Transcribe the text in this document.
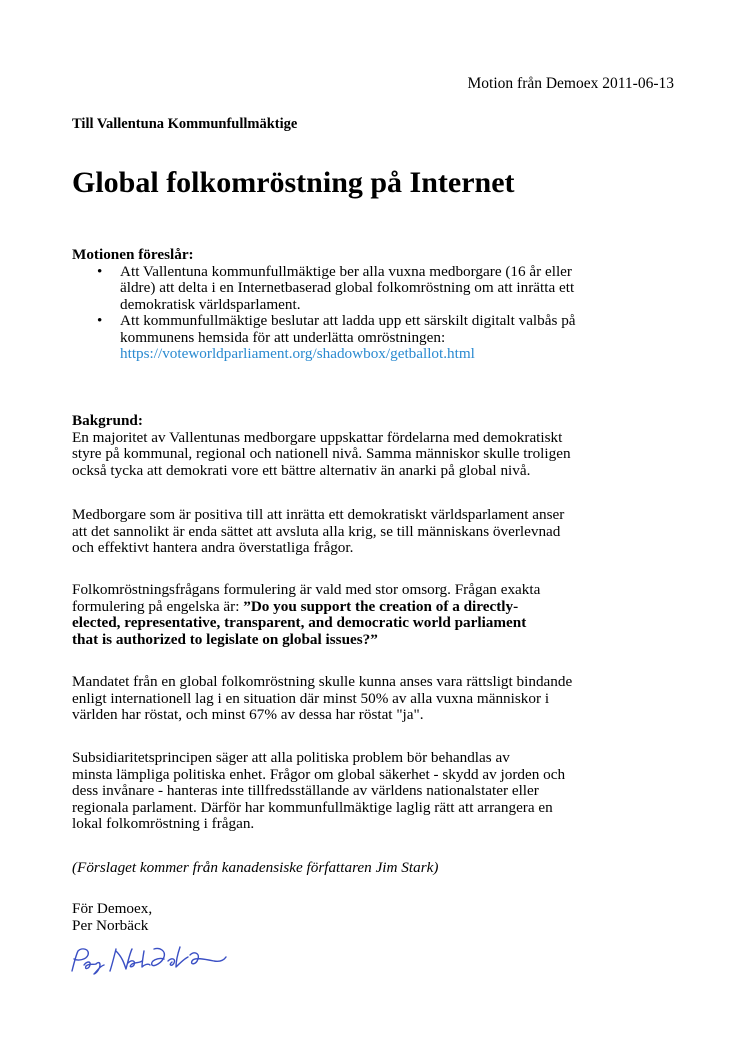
Motion från Demoex 2011-06-13
Till Vallentuna Kommunfullmäktige
Global folkomröstning på Internet

Motionen föreslår:

• Att Vallentuna kommunfullmäktige ber alla vuxna medborgare (16 år eller
äldre) att delta i en Internetbaserad global folkomröstning om att inrätta ett
demokratisk världsparlament.
• Att kommunfullmäktige beslutar att ladda upp ett särskilt digitalt valbås på
kommunens hemsida för att underlätta omröstningen:
https://voteworldparliament.org/shadowbox/getballot.html

Bakgrund:

En majoritet av Vallentunas medborgare uppskattar fördelarna med demokratiskt

styre på kommunal, regional och nationell nivå. Samma människor skulle troligen

också tycka att demokrati vore ett bättre alternativ än anarki på global nivå.

Medborgare som är positiva till att inrätta ett demokratiskt världsparlament anser

att det sannolikt är enda sättet att avsluta alla krig, se till människans överlevnad

och effektivt hantera andra överstatliga frågor.

Folkomröstningsfrågans formulering är vald med stor omsorg. Frågan exakta

formulering på engelska är: ”Do you support the creation of a directly-

elected, representative, transparent, and democratic world parliament

that is authorized to legislate on global issues?”

Mandatet från en global folkomröstning skulle kunna anses vara rättsligt bindande

enligt internationell lag i en situation där minst 50% av alla vuxna människor i

världen har röstat, och minst 67% av dessa har röstat "ja".

Subsidiaritetsprincipen säger att alla politiska problem bör behandlas av

minsta lämpliga politiska enhet. Frågor om global säkerhet - skydd av jorden och

dess invånare - hanteras inte tillfredsställande av världens nationalstater eller

regionala parlament. Därför har kommunfullmäktige laglig rätt att arrangera en

lokal folkomröstning i frågan.

(Förslaget kommer från kanadensiske författaren Jim Stark)

För Demoex,

Per Norbäck
